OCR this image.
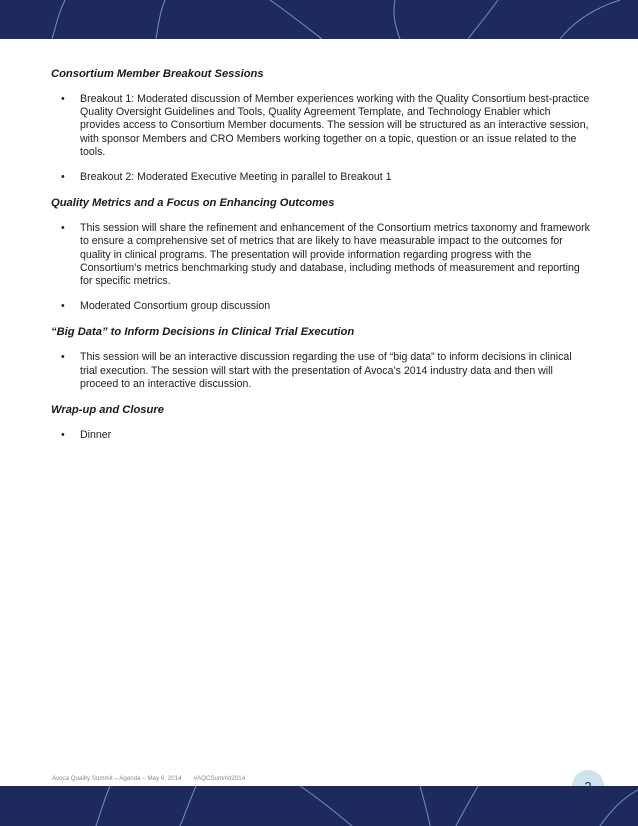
Consortium Member Breakout Sessions

• Breakout 1: Moderated discussion of Member experiences working with the Quality Consortium best-practice Quality Oversight Guidelines and Tools, Quality Agreement Template, and Technology Enabler which provides access to Consortium Member documents. The session will be structured as an interactive session, with sponsor Members and CRO Members working together on a topic, question or an issue related to the tools.
• Breakout 2: Moderated Executive Meeting in parallel to Breakout 1

Quality Metrics and a Focus on Enhancing Outcomes

• This session will share the refinement and enhancement of the Consortium metrics taxonomy and framework to ensure a comprehensive set of metrics that are likely to have measurable impact to the outcomes for quality in clinical programs. The presentation will provide information regarding progress with the Consortium’s metrics benchmarking study and database, including methods of measurement and reporting for specific metrics.
• Moderated Consortium group discussion

“Big Data” to Inform Decisions in Clinical Trial Execution

• This session will be an interactive discussion regarding the use of “big data” to inform decisions in clinical trial execution. The session will start with the presentation of Avoca’s 2014 industry data and then will proceed to an interactive discussion.

Wrap-up and Closure

• Dinner
Avoca Quality Summit – Agenda – May 6, 2014 #AQCSummit2014
